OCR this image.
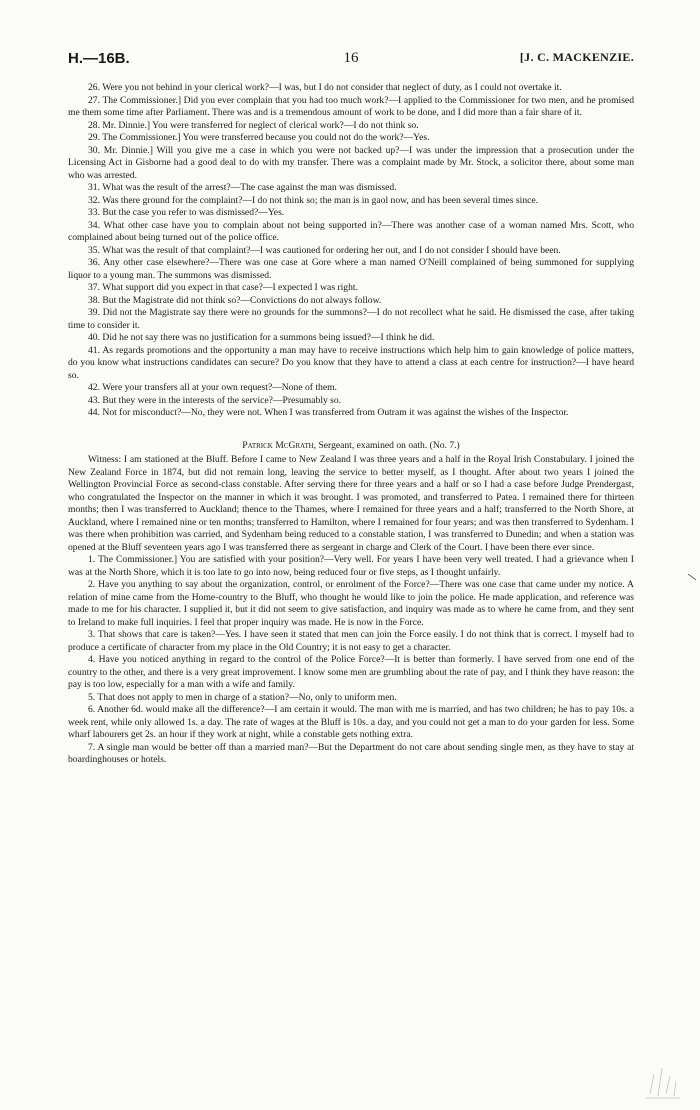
H.—16B.	16	[J. C. MACKENZIE.

26. Were you not behind in your clerical work?—I was, but I do not consider that neglect of duty, as I could not overtake it.

27. The Commissioner.] Did you ever complain that you had too much work?—I applied to the Commissioner for two men, and he promised me them some time after Parliament. There was and is a tremendous amount of work to be done, and I did more than a fair share of it.

28. Mr. Dinnie.] You were transferred for neglect of clerical work?—I do not think so.

29. The Commissioner.] You were transferred because you could not do the work?—Yes.

30. Mr. Dinnie.] Will you give me a case in which you were not backed up?—I was under the impression that a prosecution under the Licensing Act in Gisborne had a good deal to do with my transfer. There was a complaint made by Mr. Stock, a solicitor there, about some man who was arrested.

31. What was the result of the arrest?—The case against the man was dismissed.

32. Was there ground for the complaint?—I do not think so; the man is in gaol now, and has been several times since.

33. But the case you refer to was dismissed?—Yes.

34. What other case have you to complain about not being supported in?—There was another case of a woman named Mrs. Scott, who complained about being turned out of the police office.

35. What was the result of that complaint?—I was cautioned for ordering her out, and I do not consider I should have been.

36. Any other case elsewhere?—There was one case at Gore where a man named O'Neill complained of being summoned for supplying liquor to a young man. The summons was dismissed.

37. What support did you expect in that case?—I expected I was right.

38. But the Magistrate did not think so?—Convictions do not always follow.

39. Did not the Magistrate say there were no grounds for the summons?—I do not recollect what he said. He dismissed the case, after taking time to consider it.

40. Did he not say there was no justification for a summons being issued?—I think he did.

41. As regards promotions and the opportunity a man may have to receive instructions which help him to gain knowledge of police matters, do you know what instructions candidates can secure? Do you know that they have to attend a class at each centre for instruction?—I have heard so.

42. Were your transfers all at your own request?—None of them.

43. But they were in the interests of the service?—Presumably so.

44. Not for misconduct?—No, they were not. When I was transferred from Outram it was against the wishes of the Inspector.

Patrick McGrath, Sergeant, examined on oath. (No. 7.)

Witness: I am stationed at the Bluff. Before I came to New Zealand I was three years and a half in the Royal Irish Constabulary. I joined the New Zealand Force in 1874, but did not remain long, leaving the service to better myself, as I thought. After about two years I joined the Wellington Provincial Force as second-class constable. After serving there for three years and a half or so I had a case before Judge Prendergast, who congratulated the Inspector on the manner in which it was brought. I was promoted, and transferred to Patea. I remained there for thirteen months; then I was transferred to Auckland; thence to the Thames, where I remained for three years and a half; transferred to the North Shore, at Auckland, where I remained nine or ten months; transferred to Hamilton, where I remained for four years; and was then transferred to Sydenham. I was there when prohibition was carried, and Sydenham being reduced to a constable station, I was transferred to Dunedin; and when a station was opened at the Bluff seventeen years ago I was transferred there as sergeant in charge and Clerk of the Court. I have been there ever since.

1. The Commissioner.] You are satisfied with your position?—Very well. For years I have been very well treated. I had a grievance when I was at the North Shore, which it is too late to go into now, being reduced four or five steps, as I thought unfairly.

2. Have you anything to say about the organization, control, or enrolment of the Force?—There was one case that came under my notice. A relation of mine came from the Home-country to the Bluff, who thought he would like to join the police. He made application, and reference was made to me for his character. I supplied it, but it did not seem to give satisfaction, and inquiry was made as to where he came from, and they sent to Ireland to make full inquiries. I feel that proper inquiry was made. He is now in the Force.

3. That shows that care is taken?—Yes. I have seen it stated that men can join the Force easily. I do not think that is correct. I myself had to produce a certificate of character from my place in the Old Country; it is not easy to get a character.

4. Have you noticed anything in regard to the control of the Police Force?—It is better than formerly. I have served from one end of the country to the other, and there is a very great improvement. I know some men are grumbling about the rate of pay, and I think they have reason: the pay is too low, especially for a man with a wife and family.

5. That does not apply to men in charge of a station?—No, only to uniform men.

6. Another 6d. would make all the difference?—I am certain it would. The man with me is married, and has two children; he has to pay 10s. a week rent, while only allowed 1s. a day. The rate of wages at the Bluff is 10s. a day, and you could not get a man to do your garden for less. Some wharf labourers get 2s. an hour if they work at night, while a constable gets nothing extra.

7. A single man would be better off than a married man?—But the Department do not care about sending single men, as they have to stay at boardinghouses or hotels.
